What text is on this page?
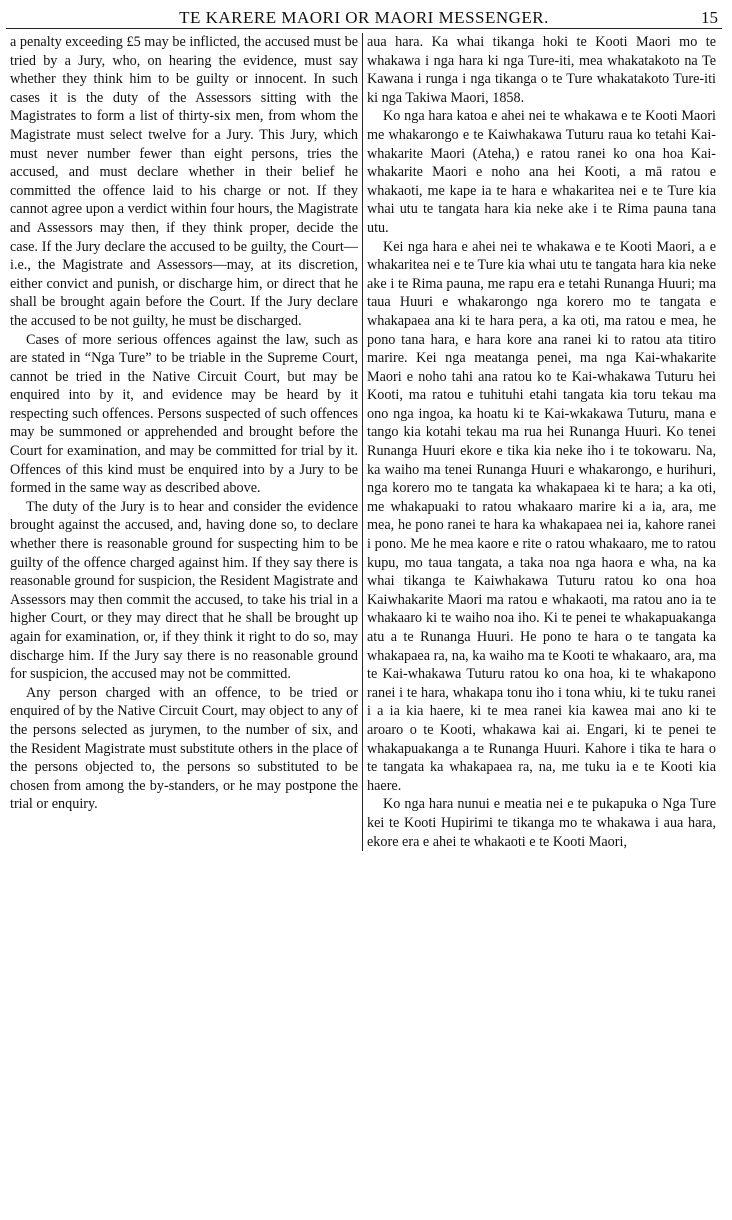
TE KARERE MAORI OR MAORI MESSENGER.	15

a penalty exceeding £5 may be inflicted, the accused must be tried by a Jury, who, on hearing the evidence, must say whether they think him to be guilty or innocent. In such cases it is the duty of the Assessors sitting with the Magistrates to form a list of thirty-six men, from whom the Magistrate must select twelve for a Jury. This Jury, which must never number fewer than eight persons, tries the accused, and must declare whether in their belief he committed the offence laid to his charge or not. If they cannot agree upon a verdict within four hours, the Magistrate and Assessors may then, if they think proper, decide the case. If the Jury declare the accused to be guilty, the Court—i.e., the Magistrate and Assessors—may, at its discretion, either convict and punish, or discharge him, or direct that he shall be brought again before the Court. If the Jury declare the accused to be not guilty, he must be discharged.

Cases of more serious offences against the law, such as are stated in “Nga Ture” to be triable in the Supreme Court, cannot be tried in the Native Circuit Court, but may be enquired into by it, and evidence may be heard by it respecting such offences. Persons suspected of such offences may be summoned or apprehended and brought before the Court for examination, and may be committed for trial by it. Offences of this kind must be enquired into by a Jury to be formed in the same way as described above.

The duty of the Jury is to hear and consider the evidence brought against the accused, and, having done so, to declare whether there is reasonable ground for suspecting him to be guilty of the offence charged against him. If they say there is reasonable ground for suspicion, the Resident Magistrate and Assessors may then commit the accused, to take his trial in a higher Court, or they may direct that he shall be brought up again for examination, or, if they think it right to do so, may discharge him. If the Jury say there is no reasonable ground for suspicion, the accused may not be committed.

Any person charged with an offence, to be tried or enquired of by the Native Circuit Court, may object to any of the persons selected as jurymen, to the number of six, and the Resident Magistrate must substitute others in the place of the persons objected to, the persons so substituted to be chosen from among the by-standers, or he may postpone the trial or enquiry.

aua hara. Ka whai tikanga hoki te Kooti Maori mo te whakawa i nga hara ki nga Ture-iti, mea whakatakoto na Te Kawana i runga i nga tikanga o te Ture whakatakoto Ture-iti ki nga Takiwa Maori, 1858.

Ko nga hara katoa e ahei nei te whakawa e te Kooti Maori me whakarongo e te Kaiwhakawa Tuturu raua ko tetahi Kai-whakarite Maori (Ateha,) e ratou ranei ko ona hoa Kai-whakarite Maori e noho ana hei Kooti, a mā ratou e whakaoti, me kape ia te hara e whakaritea nei e te Ture kia whai utu te tangata hara kia neke ake i te Rima pauna tana utu.

Kei nga hara e ahei nei te whakawa e te Kooti Maori, a e whakaritea nei e te Ture kia whai utu te tangata hara kia neke ake i te Rima pauna, me rapu era e tetahi Runanga Huuri; ma taua Huuri e whakarongo nga korero mo te tangata e whakapaea ana ki te hara pera, a ka oti, ma ratou e mea, he pono tana hara, e hara kore ana ranei ki to ratou ata titiro marire. Kei nga meatanga penei, ma nga Kai-whakarite Maori e noho tahi ana ratou ko te Kai-whakawa Tuturu hei Kooti, ma ratou e tuhituhi etahi tangata kia toru tekau ma ono nga ingoa, ka hoatu ki te Kai-wkakawa Tuturu, mana e tango kia kotahi tekau ma rua hei Runanga Huuri. Ko tenei Runanga Huuri ekore e tika kia neke iho i te tokowaru. Na, ka waiho ma tenei Runanga Huuri e whakarongo, e hurihuri, nga korero mo te tangata ka whakapaea ki te hara; a ka oti, me whakapuaki to ratou whakaaro marire ki a ia, ara, me mea, he pono ranei te hara ka whakapaea nei ia, kahore ranei i pono. Me he mea kaore e rite o ratou whakaaro, me to ratou kupu, mo taua tangata, a taka noa nga haora e wha, na ka whai tikanga te Kaiwhakawa Tuturu ratou ko ona hoa Kaiwhakarite Maori ma ratou e whakaoti, ma ratou ano ia te whakaaro ki te waiho noa iho. Ki te penei te whakapuakanga atu a te Runanga Huuri. He pono te hara o te tangata ka whakapaea ra, na, ka waiho ma te Kooti te whakaaro, ara, ma te Kai-whakawa Tuturu ratou ko ona hoa, ki te whakapono ranei i te hara, whakapa tonu iho i tona whiu, ki te tuku ranei i a ia kia haere, ki te mea ranei kia kawea mai ano ki te aroaro o te Kooti, whakawa kai ai. Engari, ki te penei te whakapuakanga a te Runanga Huuri. Kahore i tika te hara o te tangata ka whakapaea ra, na, me tuku ia e te Kooti kia haere.

Ko nga hara nunui e meatia nei e te pukapuka o Nga Ture kei te Kooti Hupirimi te tikanga mo te whakawa i aua hara, ekore era e ahei te whakaoti e te Kooti Maori,
